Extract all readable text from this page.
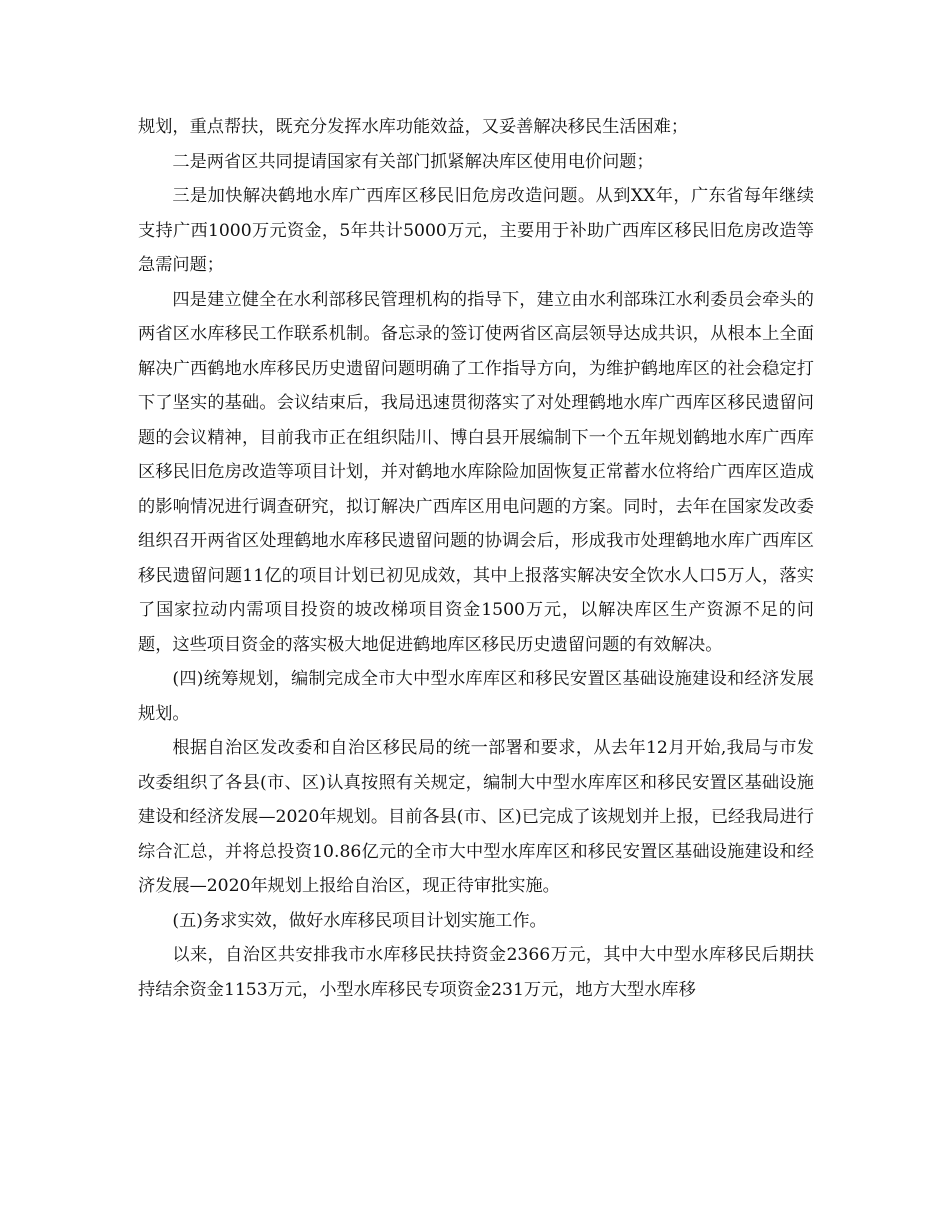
规划，重点帮扶，既充分发挥水库功能效益，又妥善解决移民生活困难；

二是两省区共同提请国家有关部门抓紧解决库区使用电价问题；

三是加快解决鹤地水库广西库区移民旧危房改造问题。从到XX年，广东省每年继续支持广西1000万元资金，5年共计5000万元，主要用于补助广西库区移民旧危房改造等急需问题；

四是建立健全在水利部移民管理机构的指导下，建立由水利部珠江水利委员会牵头的两省区水库移民工作联系机制。备忘录的签订使两省区高层领导达成共识，从根本上全面解决广西鹤地水库移民历史遗留问题明确了工作指导方向，为维护鹤地库区的社会稳定打下了坚实的基础。会议结束后，我局迅速贯彻落实了对处理鹤地水库广西库区移民遗留问题的会议精神，目前我市正在组织陆川、博白县开展编制下一个五年规划鹤地水库广西库区移民旧危房改造等项目计划，并对鹤地水库除险加固恢复正常蓄水位将给广西库区造成的影响情况进行调查研究，拟订解决广西库区用电问题的方案。同时，去年在国家发改委组织召开两省区处理鹤地水库移民遗留问题的协调会后，形成我市处理鹤地水库广西库区移民遗留问题11亿的项目计划已初见成效，其中上报落实解决安全饮水人口5万人，落实了国家拉动内需项目投资的坡改梯项目资金1500万元，以解决库区生产资源不足的问题，这些项目资金的落实极大地促进鹤地库区移民历史遗留问题的有效解决。

(四)统筹规划，编制完成全市大中型水库库区和移民安置区基础设施建设和经济发展规划。

根据自治区发改委和自治区移民局的统一部署和要求，从去年12月开始,我局与市发改委组织了各县(市、区)认真按照有关规定，编制大中型水库库区和移民安置区基础设施建设和经济发展—2020年规划。目前各县(市、区)已完成了该规划并上报，已经我局进行综合汇总，并将总投资10.86亿元的全市大中型水库库区和移民安置区基础设施建设和经济发展—2020年规划上报给自治区，现正待审批实施。

(五)务求实效，做好水库移民项目计划实施工作。

以来，自治区共安排我市水库移民扶持资金2366万元，其中大中型水库移民后期扶持结余资金1153万元，小型水库移民专项资金231万元，地方大型水库移
